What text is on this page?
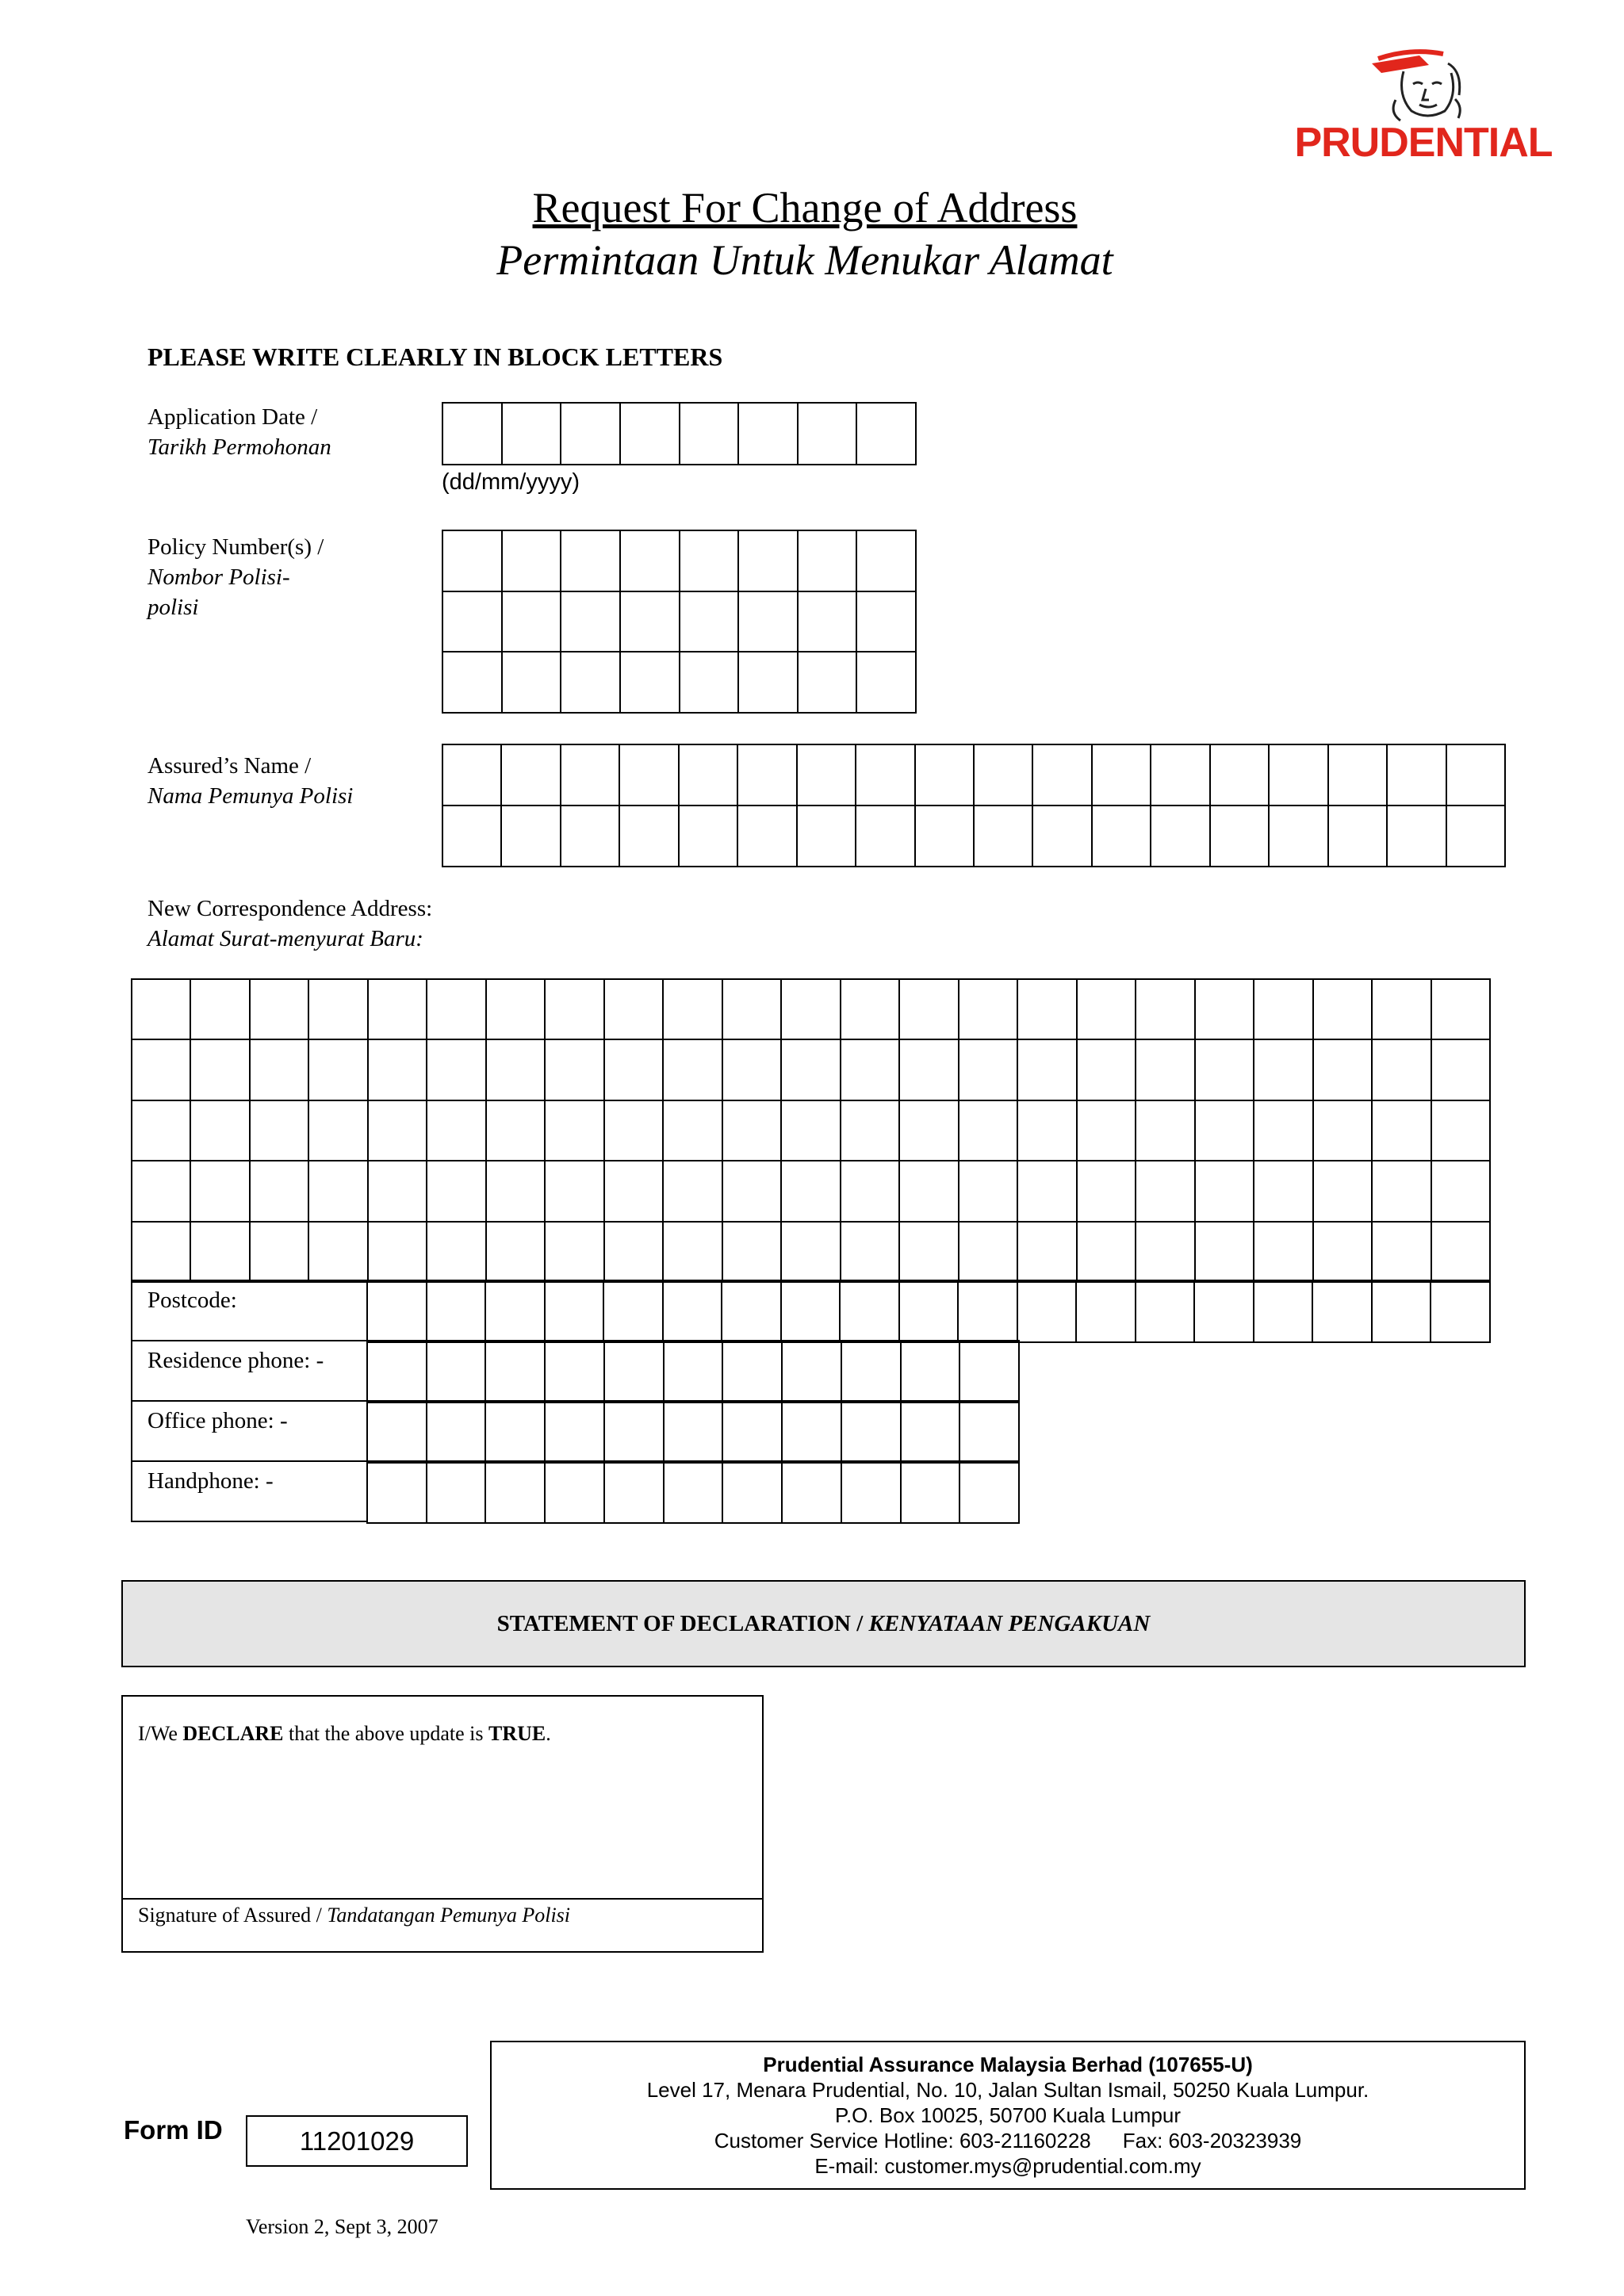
PRUDENTIAL
Request For Change of Address
Permintaan Untuk Menukar Alamat
PLEASE WRITE CLEARLY IN BLOCK LETTERS
Application Date /
Tarikh Permohonan
(dd/mm/yyyy)
Policy Number(s) /
Nombor Polisi-
polisi
Assured’s Name /
Nama Pemunya Polisi
New Correspondence Address:
Alamat Surat-menyurat Baru:
Postcode:
Residence phone: -
Office phone: -
Handphone: -
STATEMENT OF DECLARATION / KENYATAAN PENGAKUAN
I/We DECLARE that the above update is TRUE.
Signature of Assured / Tandatangan Pemunya Polisi
Prudential Assurance Malaysia Berhad (107655-U)
Level 17, Menara Prudential, No. 10, Jalan Sultan Ismail, 50250 Kuala Lumpur.
P.O. Box 10025, 50700 Kuala Lumpur
Customer Service Hotline: 603-21160228 Fax: 603-20323939
E-mail: customer.mys@prudential.com.my
Form ID	11201029
Version 2, Sept 3, 2007
